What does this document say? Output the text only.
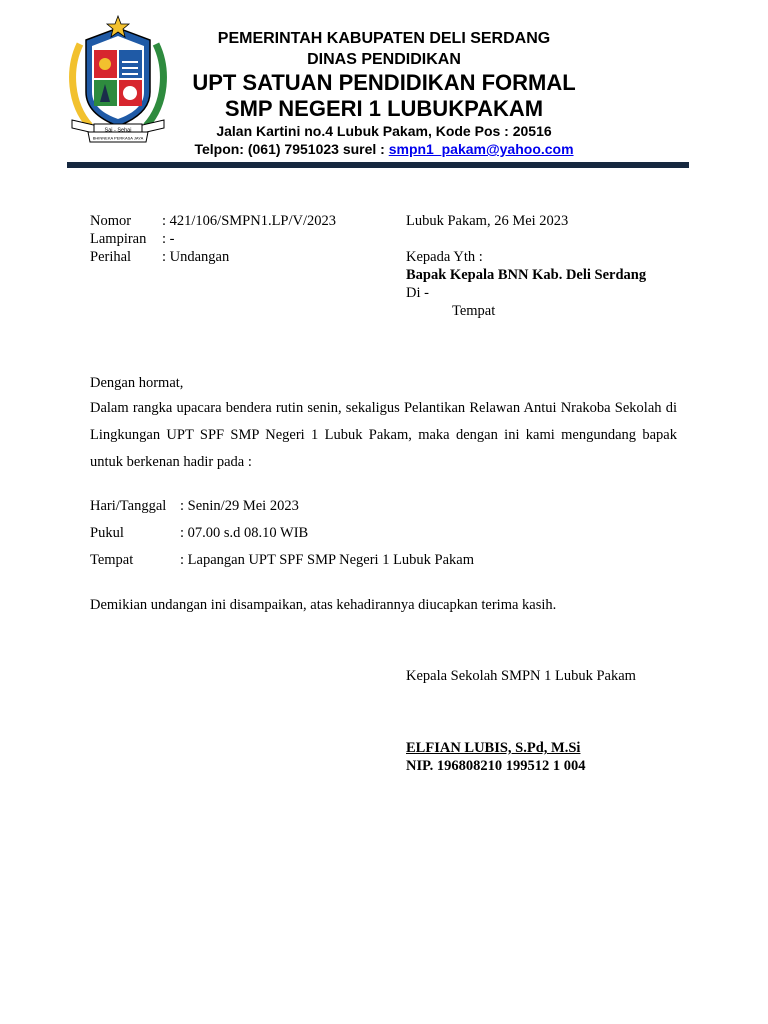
Sai - Sehai
BHINNEKA PERKASA JAYA
PEMERINTAH KABUPATEN DELI SERDANG
DINAS PENDIDIKAN
UPT SATUAN PENDIDIKAN FORMAL
SMP NEGERI 1 LUBUKPAKAM
Jalan Kartini no.4 Lubuk Pakam, Kode Pos : 20516
Telpon: (061) 7951023 surel : smpn1_pakam@yahoo.com
Nomor : 421/106/SMPN1.LP/V/2023
Lampiran : -
Perihal : Undangan
Lubuk Pakam, 26 Mei 2023
Kepada Yth :
Bapak Kepala BNN Kab. Deli Serdang
Di -
Tempat
Dengan hormat,
Dalam rangka upacara bendera rutin senin, sekaligus Pelantikan Relawan Antui Nrakoba Sekolah di Lingkungan UPT SPF SMP Negeri 1 Lubuk Pakam, maka dengan ini kami mengundang bapak untuk berkenan hadir pada :
Hari/Tanggal : Senin/29 Mei 2023
Pukul	: 07.00 s.d 08.10 WIB
Tempat	: Lapangan UPT SPF SMP Negeri 1 Lubuk Pakam
Demikian undangan ini disampaikan, atas kehadirannya diucapkan terima kasih.
Kepala Sekolah SMPN 1 Lubuk Pakam
ELFIAN LUBIS, S.Pd, M.Si
NIP. 196808210 199512 1 004
